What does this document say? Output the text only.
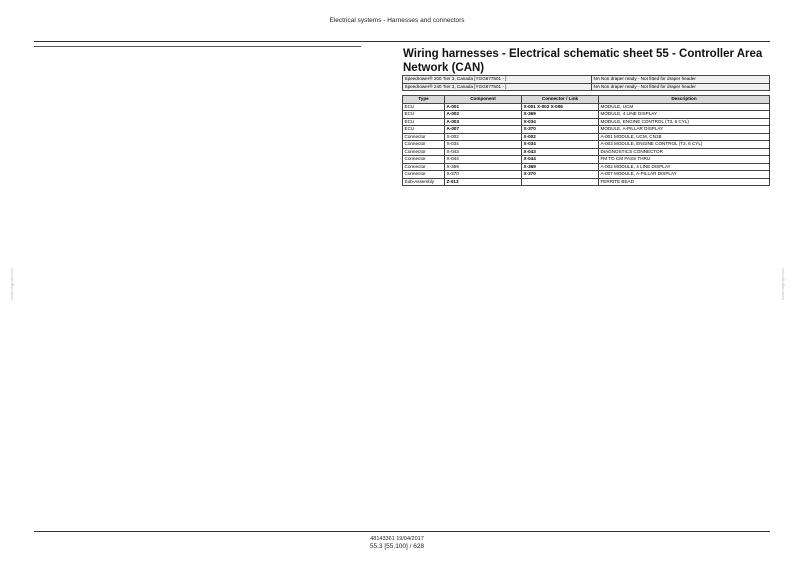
Electrical systems - Harnesses and connectors
Wiring harnesses - Electrical schematic sheet 55 - Controller Area Network (CAN)
www.ungrajd.com	www.ungrajd.com
Speedrower® 200 Tier 3, Canada [YGG677501 - ]	NA Non draper ready - Not fitted for draper header
Speedrower® 240 Tier 3, Canada [YGG677501 - ]	NA Non draper ready - Not fitted for draper header
Type	Component	Connector / Link	Description
ECU	A-001	X-001 X-002 X-006	MODULE, UCM
ECU	A-002	X-369	MODULE, 4 LINE DISPLAY
ECU	A-003	X-034	MODULE, ENGINE CONTROL (T3, 6 CYL)
ECU	A-007	X-370	MODULE, A-PILLAR DISPLAY
Connector	X-002	X-002	A-001 MODULE, UCM, CN1B
Connector	X-034	X-034	A-003 MODULE, ENGINE CONTROL (T3, 6 CYL)
Connector	X-043	X-043	DIAGNOSTICS CONNECTOR
Connector	X-044	X-044	FM TO CM PASS THRU
Connector	X-369	X-369	A-002 MODULE, 4 LINE DISPLAY
Connector	X-370	X-370	A-007 MODULE, A-PILLAR DISPLAY
Sub-Assembly	Z-013		FERRITE BEAD
48143361 19/04/2017
55.3 [55.100] / 628
